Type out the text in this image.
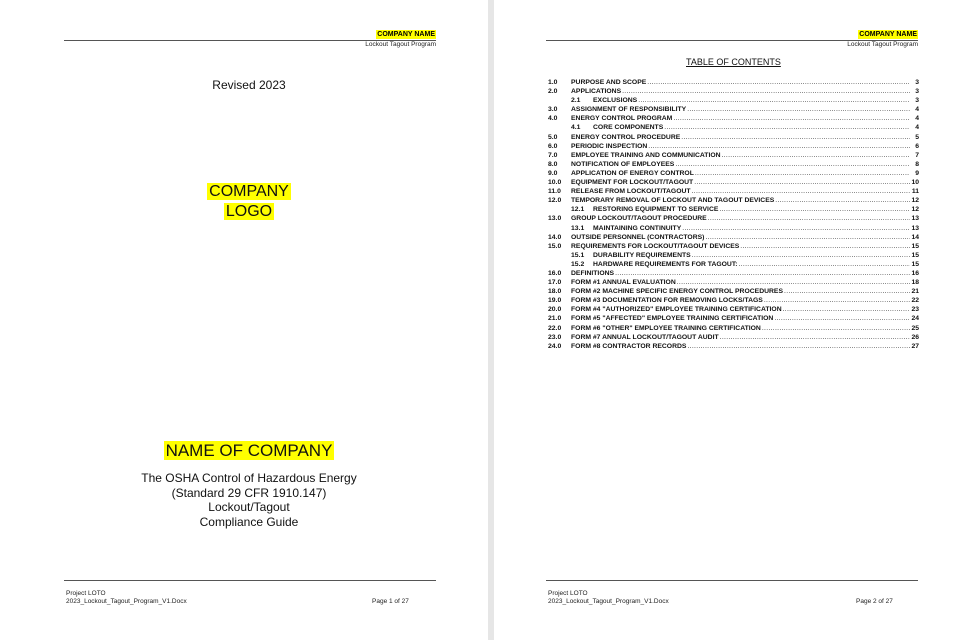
COMPANY NAME
Lockout Tagout Program
Revised 2023
COMPANY
LOGO
NAME OF COMPANY
The OSHA Control of Hazardous Energy
(Standard 29 CFR 1910.147)
Lockout/Tagout
Compliance Guide
Project LOTO
2023_Lockout_Tagout_Program_V1.Docx	Page 1 of 27
COMPANY NAME
Lockout Tagout Program
TABLE OF CONTENTS
1.0	PURPOSE AND SCOPE .....	3
2.0	APPLICATIONS .....	3
2.1	EXCLUSIONS .....	3
3.0	ASSIGNMENT OF RESPONSIBILITY .....	4
4.0	ENERGY CONTROL PROGRAM .....	4
4.1	CORE COMPONENTS .....	4
5.0	ENERGY CONTROL PROCEDURE .....	5
6.0	PERIODIC INSPECTION .....	6
7.0	EMPLOYEE TRAINING AND COMMUNICATION .....	7
8.0	NOTIFICATION OF EMPLOYEES .....	8
9.0	APPLICATION OF ENERGY CONTROL .....	9
10.0	EQUIPMENT FOR LOCKOUT/TAGOUT .....	10
11.0	RELEASE FROM LOCKOUT/TAGOUT .....	11
12.0	TEMPORARY REMOVAL OF LOCKOUT AND TAGOUT DEVICES .....	12
12.1	RESTORING EQUIPMENT TO SERVICE .....	12
13.0	GROUP LOCKOUT/TAGOUT PROCEDURE .....	13
13.1	MAINTAINING CONTINUITY .....	13
14.0	OUTSIDE PERSONNEL (CONTRACTORS) .....	14
15.0	REQUIREMENTS FOR LOCKOUT/TAGOUT DEVICES .....	15
15.1	DURABILITY REQUIREMENTS .....	15
15.2	HARDWARE REQUIREMENTS FOR TAGOUT: .....	15
16.0	DEFINITIONS .....	16
17.0	FORM #1 ANNUAL EVALUATION .....	18
18.0	FORM #2 MACHINE SPECIFIC ENERGY CONTROL PROCEDURES .....	21
19.0	FORM #3 DOCUMENTATION FOR REMOVING LOCKS/TAGS .....	22
20.0	FORM #4 "AUTHORIZED" EMPLOYEE TRAINING CERTIFICATION .....	23
21.0	FORM #5 "AFFECTED" EMPLOYEE TRAINING CERTIFICATION .....	24
22.0	FORM #6 "OTHER" EMPLOYEE TRAINING CERTIFICATION .....	25
23.0	FORM #7 ANNUAL LOCKOUT/TAGOUT AUDIT .....	26
24.0	FORM #8 CONTRACTOR RECORDS .....	27
Project LOTO
2023_Lockout_Tagout_Program_V1.Docx	Page 2 of 27
